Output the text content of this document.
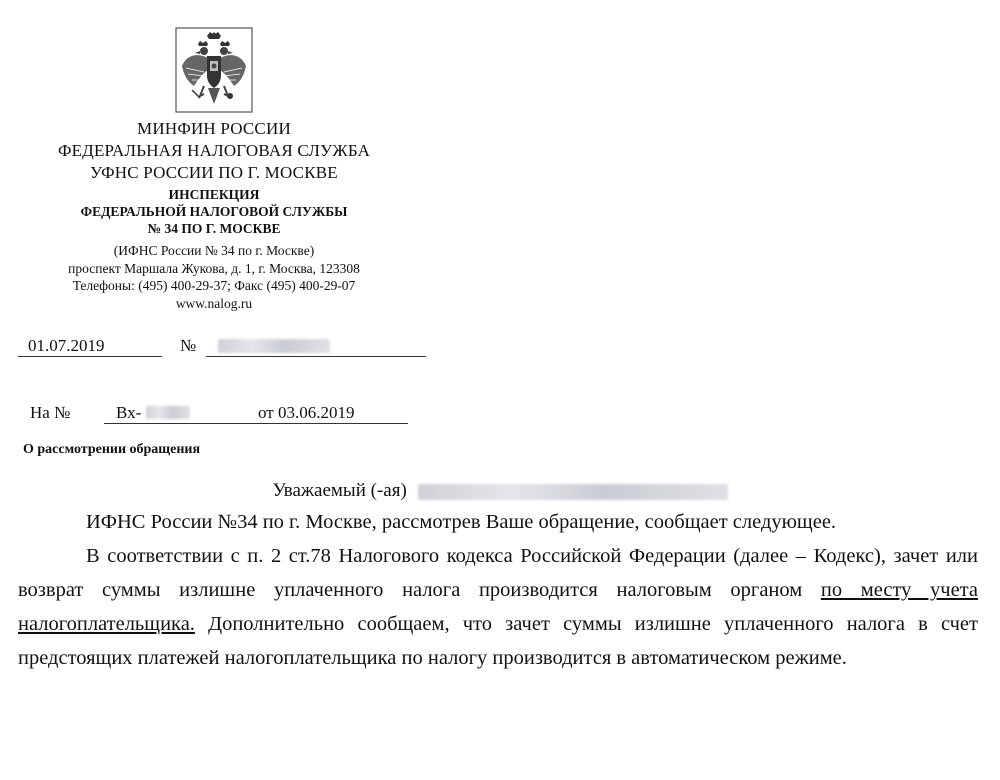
МИНФИН РОССИИ
ФЕДЕРАЛЬНАЯ НАЛОГОВАЯ СЛУЖБА
УФНС РОССИИ ПО Г. МОСКВЕ
ИНСПЕКЦИЯ
ФЕДЕРАЛЬНОЙ НАЛОГОВОЙ СЛУЖБЫ
№ 34 ПО Г. МОСКВЕ
(ИФНС России № 34 по г. Москве)
проспект Маршала Жукова, д. 1, г. Москва, 123308
Телефоны: (495) 400-29-37; Факс (495) 400-29-07
www.nalog.ru
01.07.2019	№
На №	Вх-	от 03.06.2019
О рассмотрении обращения
Уважаемый (-ая)

ИФНС России №34 по г. Москве, рассмотрев Ваше обращение, сообщает следующее.

В соответствии с п. 2 ст.78 Налогового кодекса Российской Федерации (далее – Кодекс), зачет или возврат суммы излишне уплаченного налога производится налоговым органом по месту учета налогоплательщика. Дополнительно сообщаем, что зачет суммы излишне уплаченного налога в счет предстоящих платежей налогоплательщика по налогу производится в автоматическом режиме.
